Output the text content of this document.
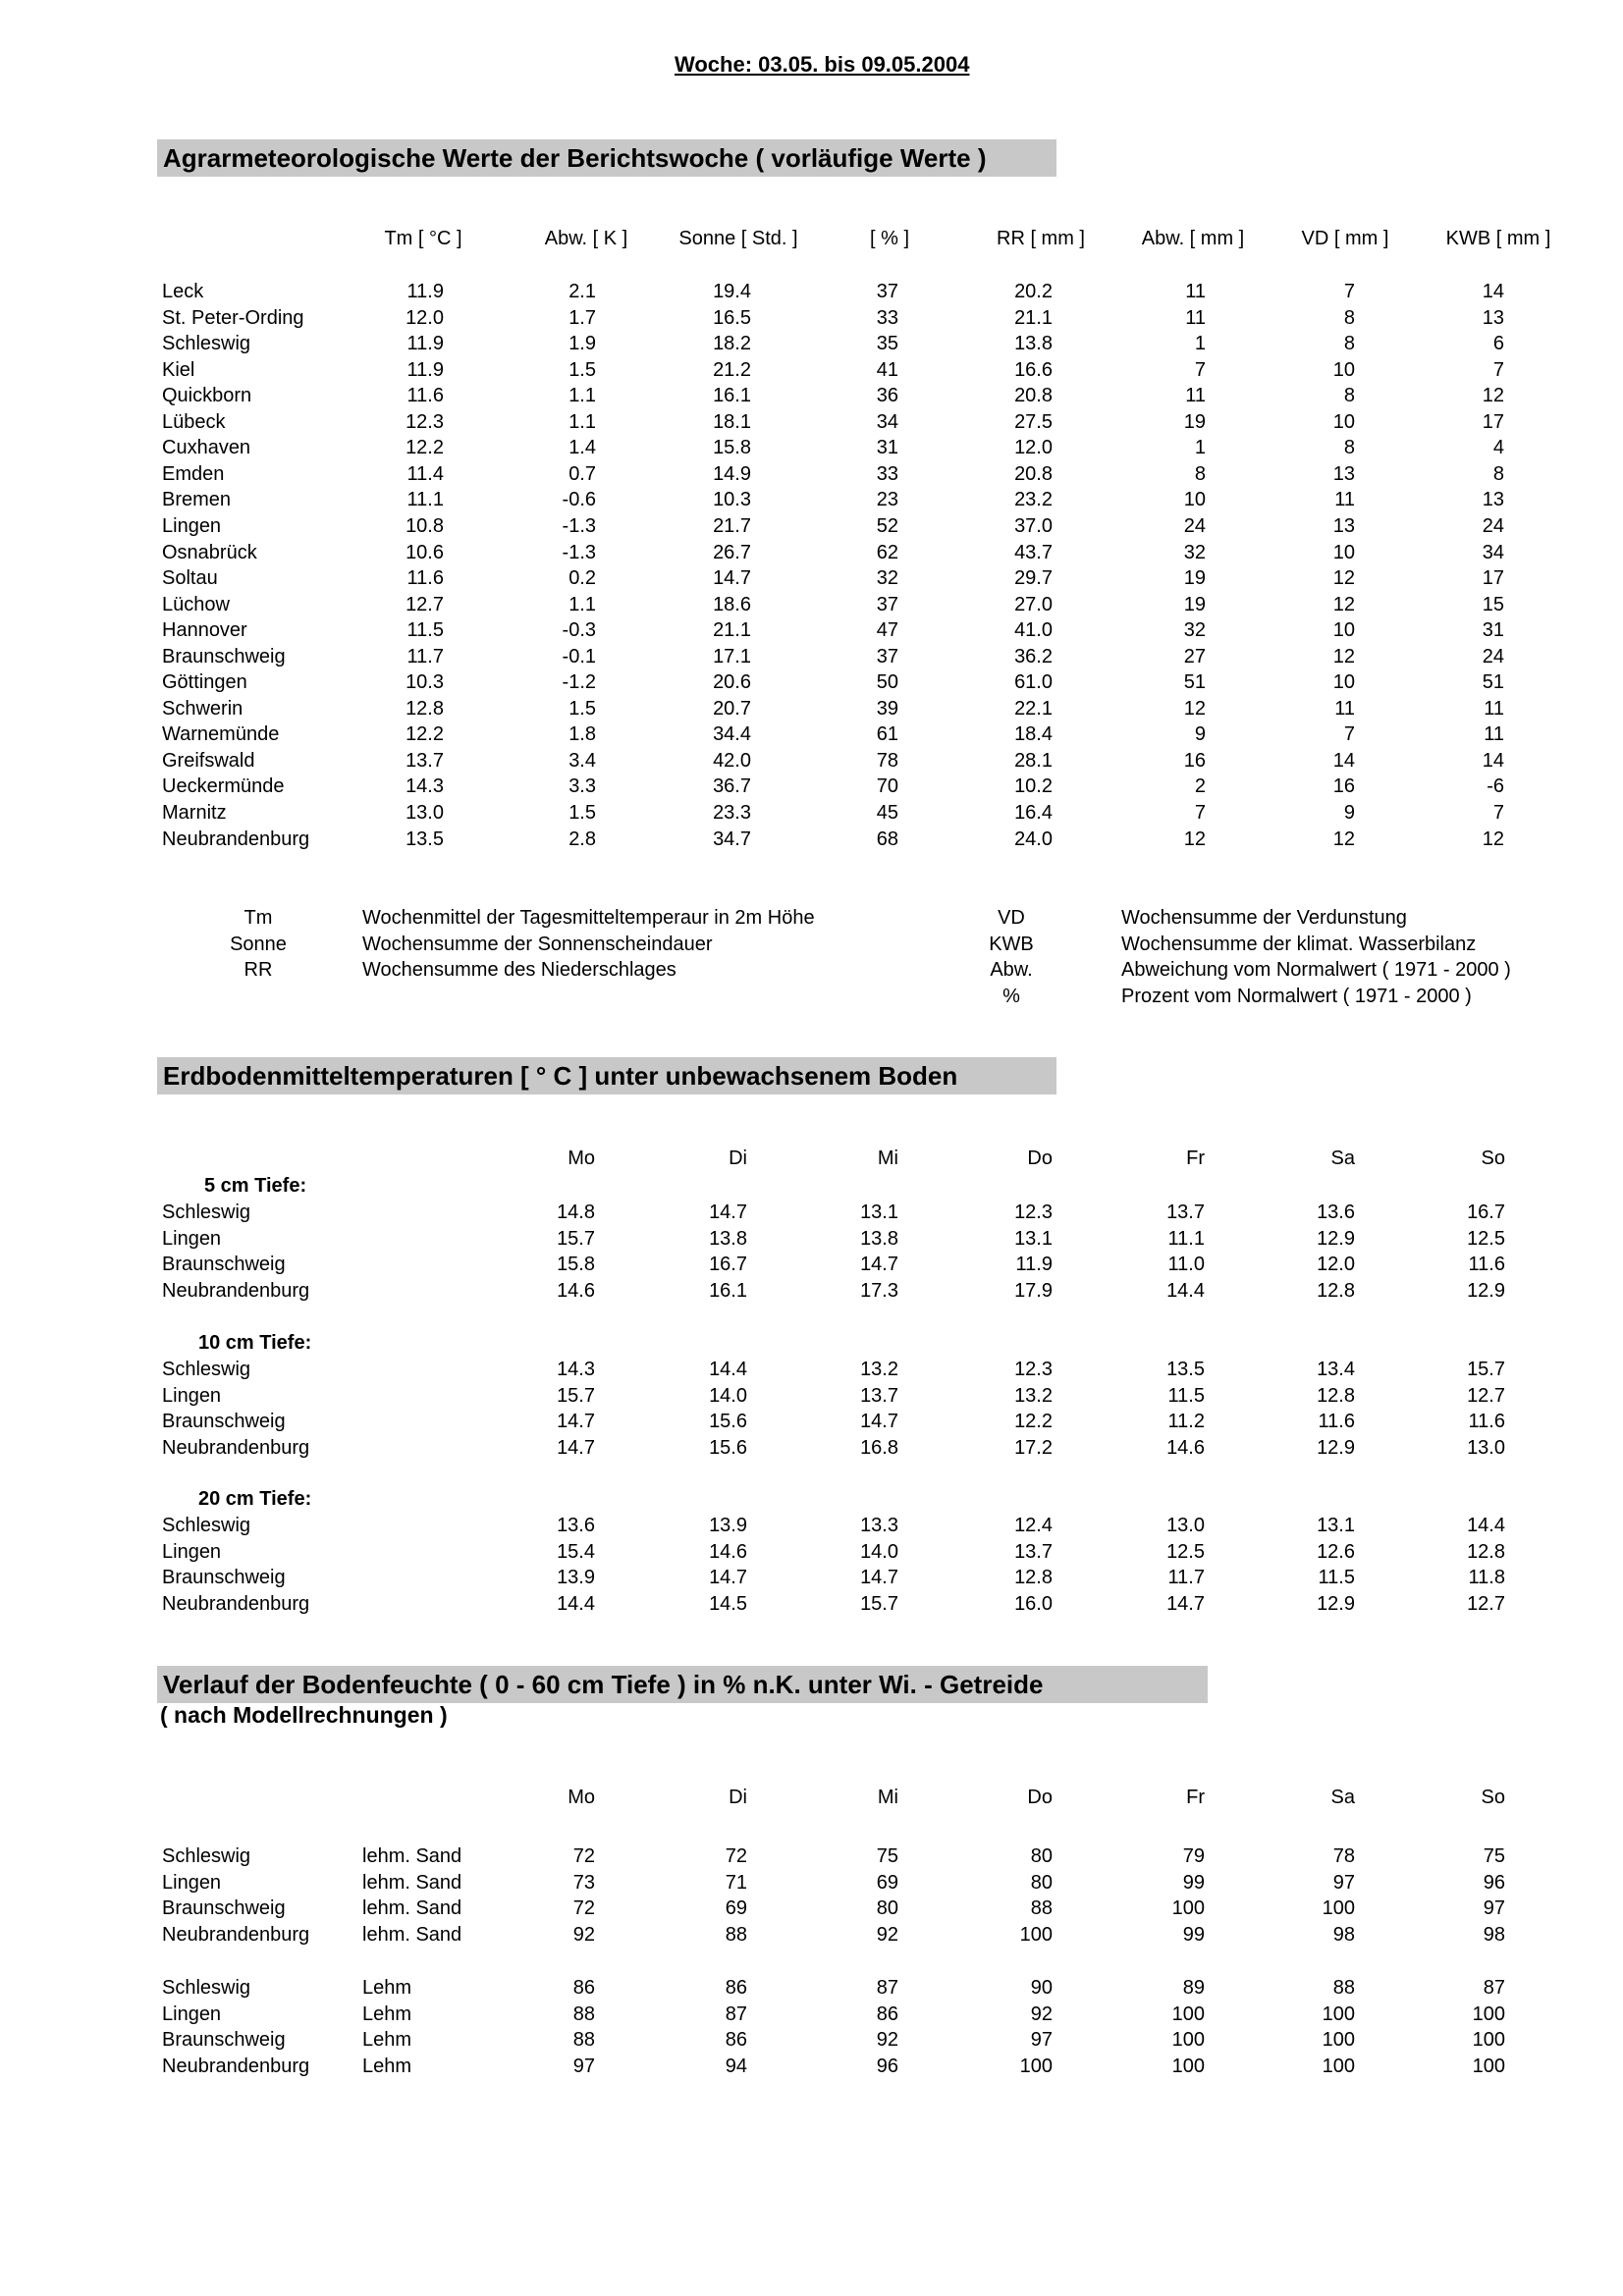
Woche: 03.05. bis 09.05.2004
Agrarmeteorologische Werte der Berichtswoche ( vorläufige Werte )
Tm [ °C ]	Abw. [ K ]	Sonne [ Std. ]	[ % ]	RR [ mm ]	Abw. [ mm ]	VD [ mm ]	KWB [ mm ]
Leck	11.9	2.1	19.4	37	20.2	11	7	14
St. Peter-Ording	12.0	1.7	16.5	33	21.1	11	8	13
Schleswig	11.9	1.9	18.2	35	13.8	1	8	6
Kiel	11.9	1.5	21.2	41	16.6	7	10	7
Quickborn	11.6	1.1	16.1	36	20.8	11	8	12
Lübeck	12.3	1.1	18.1	34	27.5	19	10	17
Cuxhaven	12.2	1.4	15.8	31	12.0	1	8	4
Emden	11.4	0.7	14.9	33	20.8	8	13	8
Bremen	11.1	-0.6	10.3	23	23.2	10	11	13
Lingen	10.8	-1.3	21.7	52	37.0	24	13	24
Osnabrück	10.6	-1.3	26.7	62	43.7	32	10	34
Soltau	11.6	0.2	14.7	32	29.7	19	12	17
Lüchow	12.7	1.1	18.6	37	27.0	19	12	15
Hannover	11.5	-0.3	21.1	47	41.0	32	10	31
Braunschweig	11.7	-0.1	17.1	37	36.2	27	12	24
Göttingen	10.3	-1.2	20.6	50	61.0	51	10	51
Schwerin	12.8	1.5	20.7	39	22.1	12	11	11
Warnemünde	12.2	1.8	34.4	61	18.4	9	7	11
Greifswald	13.7	3.4	42.0	78	28.1	16	14	14
Ueckermünde	14.3	3.3	36.7	70	10.2	2	16	-6
Marnitz	13.0	1.5	23.3	45	16.4	7	9	7
Neubrandenburg	13.5	2.8	34.7	68	24.0	12	12	12
Tm	Wochenmittel der Tagesmitteltemperaur in 2m Höhe
Sonne	Wochensumme der Sonnenscheindauer
RR	Wochensumme des Niederschlages
VD	Wochensumme der Verdunstung
KWB	Wochensumme der klimat. Wasserbilanz
Abw.	Abweichung vom Normalwert ( 1971 - 2000 )
%	Prozent vom Normalwert ( 1971 - 2000 )
Erdbodenmitteltemperaturen [ ° C ] unter unbewachsenem Boden
Mo	Di	Mi	Do	Fr	Sa	So
5 cm Tiefe:
Schleswig	14.8	14.7	13.1	12.3	13.7	13.6	16.7
Lingen	15.7	13.8	13.8	13.1	11.1	12.9	12.5
Braunschweig	15.8	16.7	14.7	11.9	11.0	12.0	11.6
Neubrandenburg	14.6	16.1	17.3	17.9	14.4	12.8	12.9
10 cm Tiefe:
Schleswig	14.3	14.4	13.2	12.3	13.5	13.4	15.7
Lingen	15.7	14.0	13.7	13.2	11.5	12.8	12.7
Braunschweig	14.7	15.6	14.7	12.2	11.2	11.6	11.6
Neubrandenburg	14.7	15.6	16.8	17.2	14.6	12.9	13.0
20 cm Tiefe:
Schleswig	13.6	13.9	13.3	12.4	13.0	13.1	14.4
Lingen	15.4	14.6	14.0	13.7	12.5	12.6	12.8
Braunschweig	13.9	14.7	14.7	12.8	11.7	11.5	11.8
Neubrandenburg	14.4	14.5	15.7	16.0	14.7	12.9	12.7
Verlauf der Bodenfeuchte ( 0 - 60 cm Tiefe ) in % n.K. unter Wi. - Getreide
( nach Modellrechnungen )
Mo	Di	Mi	Do	Fr	Sa	So
Schleswig	lehm. Sand	72	72	75	80	79	78	75
Lingen	lehm. Sand	73	71	69	80	99	97	96
Braunschweig	lehm. Sand	72	69	80	88	100	100	97
Neubrandenburg	lehm. Sand	92	88	92	100	99	98	98
Schleswig	Lehm	86	86	87	90	89	88	87
Lingen	Lehm	88	87	86	92	100	100	100
Braunschweig	Lehm	88	86	92	97	100	100	100
Neubrandenburg	Lehm	97	94	96	100	100	100	100
